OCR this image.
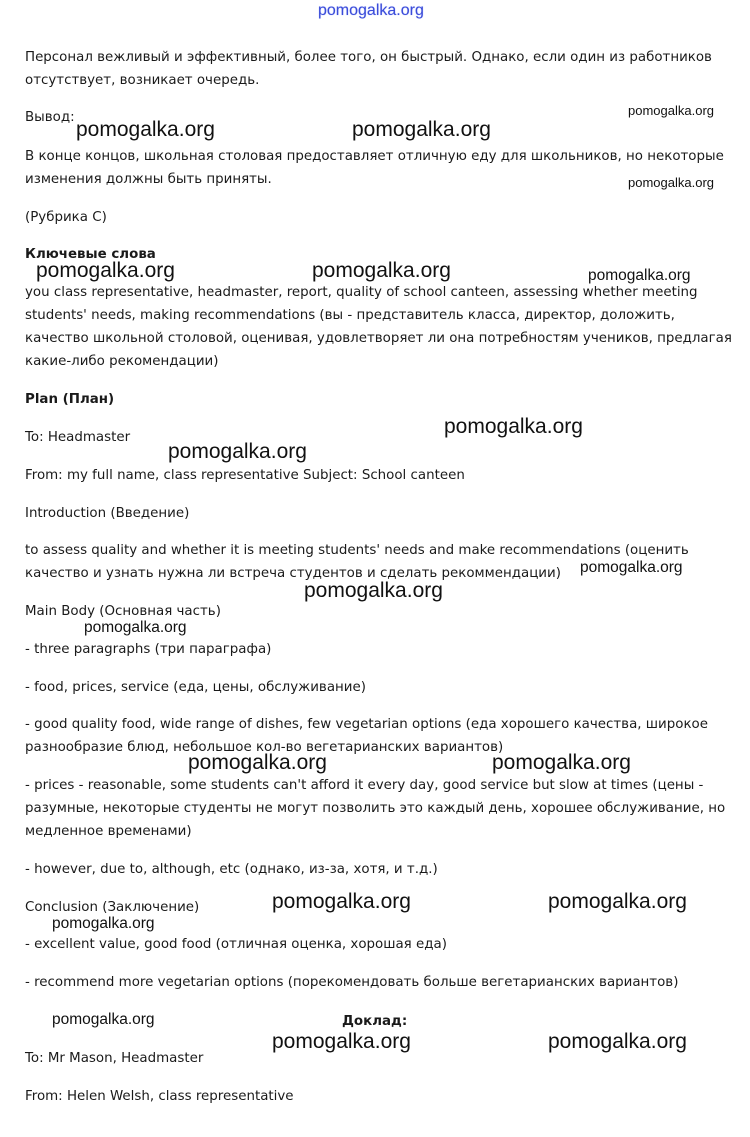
pomogalka.org
Персонал вежливый и эффективный, более того, он быстрый. Однако, если один из работников
отсутствует, возникает очередь.
Вывод:
В конце концов, школьная столовая предоставляет отличную еду для школьников, но некоторые
изменения должны быть приняты.
(Рубрика С)
Ключевые слова
you class representative, headmaster, report, quality of school canteen, assessing whether meeting
students' needs, making recommendations (вы - представитель класса, директор, доложить,
качество школьной столовой, оценивая, удовлетворяет ли она потребностям учеников, предлагая
какие-либо рекомендации)
Plan (План)
To: Headmaster
From: my full name, class representative Subject: School canteen
Introduction (Введение)
to assess quality and whether it is meeting students' needs and make recommendations (оценить
качество и узнать нужна ли встреча студентов и сделать рекоммендации)
Main Body (Основная часть)
- three paragraphs (три параграфа)
- food, prices, service (еда, цены, обслуживание)
- good quality food, wide range of dishes, few vegetarian options (еда хорошего качества, широкое
разнообразие блюд, небольшое кол-во вегетарианских вариантов)
- prices - reasonable, some students can't afford it every day, good service but slow at times (цены -
разумные, некоторые студенты не могут позволить это каждый день, хорошее обслуживание, но
медленное временами)
- however, due to, although, etc (однако, из-за, хотя, и т.д.)
Conclusion (Заключение)
- excellent value, good food (отличная оценка, хорошая еда)
- recommend more vegetarian options (порекомендовать больше вегетарианских вариантов)
To: Mr Mason, Headmaster
From: Helen Welsh, class representative
Доклад:
pomogalka.org
pomogalka.org	pomogalka.org
pomogalka.org
pomogalka.org	pomogalka.org	pomogalka.org
pomogalka.org
pomogalka.org
pomogalka.org
pomogalka.org
pomogalka.org
pomogalka.org	pomogalka.org
pomogalka.org	pomogalka.org
pomogalka.org
pomogalka.org
pomogalka.org	pomogalka.org
